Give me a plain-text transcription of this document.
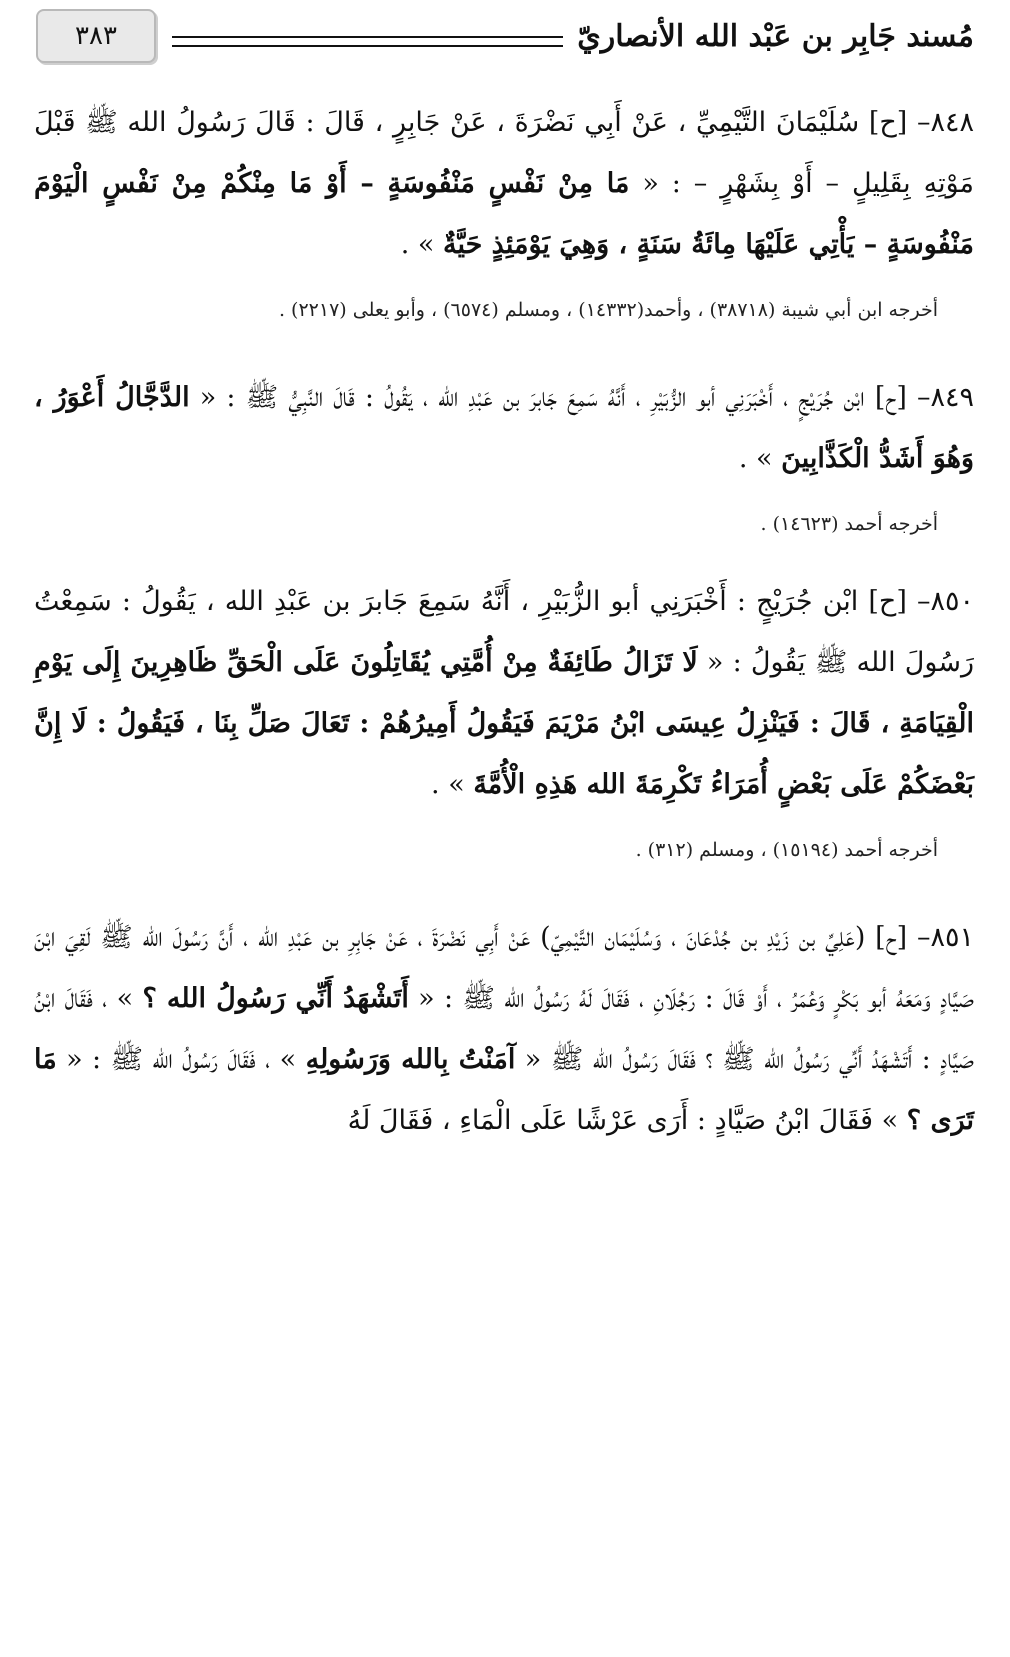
مُسند جَابِر بن عَبْد الله الأنصاريّ
٣٨٣

٨٤٨– [ح] سُلَيْمَانَ التَّيْمِيِّ ، عَنْ أَبِي نَضْرَةَ ، عَنْ جَابِرٍ ، قَالَ : قَالَ رَسُولُ الله ﷺ قَبْلَ مَوْتِهِ بِقَلِيلٍ – أَوْ بِشَهْرٍ – : « مَا مِنْ نَفْسٍ مَنْفُوسَةٍ – أَوْ مَا مِنْكُمْ مِنْ نَفْسٍ الْيَوْمَ مَنْفُوسَةٍ – يَأْتِي عَلَيْهَا مِائَةُ سَنَةٍ ، وَهِيَ يَوْمَئِذٍ حَيَّةٌ » .

أخرجه ابن أبي شيبة (٣٨٧١٨) ، وأحمد(١٤٣٣٢) ، ومسلم (٦٥٧٤) ، وأبو يعلى (٢٢١٧) .

٨٤٩– [ح] ابْن جُرَيْجٍ ، أَخْبَرَنِي أبو الزُّبَيْرِ ، أَنَّهُ سَمِعَ جَابرَ بن عَبْدِ الله ، يَقُولُ : قَالَ النَّبِيُّ ﷺ : « الدَّجَّالُ أَعْوَرُ ، وَهُوَ أَشَدُّ الْكَذَّابِينَ » .

أخرجه أحمد (١٤٦٢٣) .

٨٥٠– [ح] ابْن جُرَيْجٍ : أَخْبَرَنِي أبو الزُّبَيْرِ ، أَنَّهُ سَمِعَ جَابرَ بن عَبْدِ الله ، يَقُولُ : سَمِعْتُ رَسُولَ الله ﷺ يَقُولُ : « لَا تَزَالُ طَائِفَةٌ مِنْ أُمَّتِي يُقَاتِلُونَ عَلَى الْحَقِّ ظَاهِرِينَ إِلَى يَوْمِ الْقِيَامَةِ ، قَالَ : فَيَنْزِلُ عِيسَى ابْنُ مَرْيَمَ فَيَقُولُ أَمِيرُهُمْ : تَعَالَ صَلِّ بِنَا ، فَيَقُولُ : لَا إِنَّ بَعْضَكُمْ عَلَى بَعْضٍ أُمَرَاءُ تَكْرِمَةَ الله هَذِهِ الْأُمَّةَ » .

أخرجه أحمد (١٥١٩٤) ، ومسلم (٣١٢) .

٨٥١– [ح] (عَلِيِّ بن زَيْدِ بن جُدْعَانَ ، وَسُلَيْمَان التَّيْمِيّ) عَنْ أَبِي نَضْرَةَ ، عَنْ جَابِرِ بن عَبْدِ الله ، أَنَّ رَسُولَ الله ﷺ لَقِيَ ابْنَ صَيَّادٍ وَمَعَهُ أبو بَكْرٍ وَعُمَرُ ، أَوْ قَالَ : رَجُلَانِ ، فَقَالَ لَهُ رَسُولُ الله ﷺ : « أَتَشْهَدُ أَنِّي رَسُولُ الله ؟ » ، فَقَالَ ابْنُ صَيَّادٍ : أَتَشْهَدُ أَنِّي رَسُولُ الله ﷺ ؟ فَقَالَ رَسُولُ الله ﷺ « آمَنْتُ بِالله وَرَسُولِهِ » ، فَقَالَ رَسُولُ الله ﷺ : « مَا تَرَى ؟ » فَقَالَ ابْنُ صَيَّادٍ : أَرَى عَرْشًا عَلَى الْمَاءِ ، فَقَالَ لَهُ
